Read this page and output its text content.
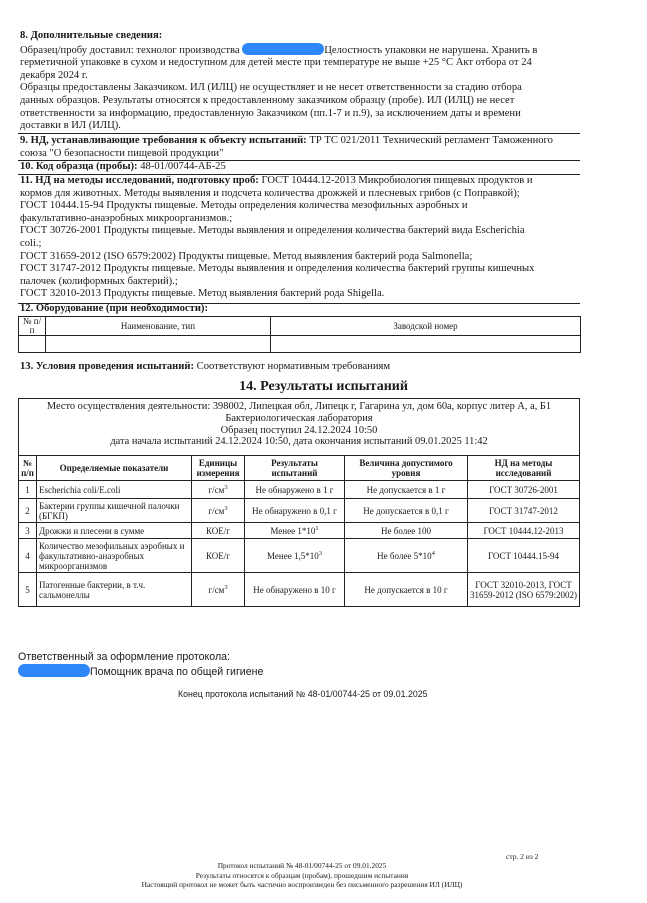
8. Дополнительные сведения:
Образец/пробу доставил: технолог производства	Целостность упаковки не нарушена. Хранить в
герметичной упаковке в сухом и недоступном для детей месте при температуре не выше +25 °С Акт отбора от 24
декабря 2024 г.
Образцы предоставлены Заказчиком. ИЛ (ИЛЦ) не осуществляет и не несет ответственности за стадию отбора
данных образцов. Результаты относятся к предоставленному заказчиком образцу (пробе). ИЛ (ИЛЦ) не несет
ответственности за информацию, предоставленную Заказчиком (пп.1-7 и п.9), за исключением даты и времени
доставки в ИЛ (ИЛЦ).
9. НД, устанавливающие требования к объекту испытаний: ТР ТС 021/2011 Технический регламент Таможенного
союза "О безопасности пищевой продукции"
10. Код образца (пробы): 48-01/00744-АБ-25
11. НД на методы исследований, подготовку проб: ГОСТ 10444.12-2013 Микробиология пищевых продуктов и
кормов для животных. Методы выявления и подсчета количества дрожжей и плесневых грибов (с Поправкой);
ГОСТ 10444.15-94 Продукты пищевые. Методы определения количества мезофильных аэробных и
факультативно-анаэробных микроорганизмов.;
ГОСТ 30726-2001 Продукты пищевые. Методы выявления и определения количества бактерий вида Escherichia
coli.;
ГОСТ 31659-2012 (ISO 6579:2002) Продукты пищевые. Метод выявления бактерий рода Salmonella;
ГОСТ 31747-2012 Продукты пищевые. Методы выявления и определения количества бактерий группы кишечных
палочек (колиформных бактерий).;
ГОСТ 32010-2013 Продукты пищевые. Метод выявления бактерий рода Shigella.
12. Оборудование (при необходимости):
№ п/п	Наименование, тип	Заводской номер

13. Условия проведения испытаний: Соответствуют нормативным требованиям
14. Результаты испытаний
Место осуществления деятельности: 398002, Липецкая обл, Липецк г, Гагарина ул, дом 60а, корпус литер А, а, Б1
Бактериологическая лаборатория
Образец поступил 24.12.2024 10:50
дата начала испытаний 24.12.2024 10:50, дата окончания испытаний 09.01.2025 11:42
№ п/п	Определяемые показатели	Единицы измерения	Результаты испытаний	Величина допустимого уровня	НД на методы исследований
1	Escherichia coli/E.coli	$г/см^3$	Не обнаружено в 1 г	Не допускается в 1 г	ГОСТ 30726-2001
2	Бактерии группы кишечной палочки (БГКП)	$г/см^3$	Не обнаружено в 0,1 г	Не допускается в 0,1 г	ГОСТ 31747-2012
3	Дрожжи и плесени в сумме	КОЕ/г	Менее $1*10^1$	Не более 100	ГОСТ 10444.12-2013
4	Количество мезофильных аэробных и факультативно-анаэробных микроорганизмов	КОЕ/г	Менее $1,5*10^3$	Не более $5*10^4$	ГОСТ 10444.15-94
5	Патогенные бактерии, в т.ч. сальмонеллы	$г/см^3$	Не обнаружено в 10 г	Не допускается в 10 г	ГОСТ 32010-2013, ГОСТ 31659-2012 (ISO 6579:2002)
Ответственный за оформление протокола:
Помощник врача по общей гигиене
Конец протокола испытаний № 48-01/00744-25 от 09.01.2025
стр. 2 из 2
Протокол испытаний № 48-01/00744-25 от 09.01.2025
Результаты относятся к образцам (пробам), прошедшим испытания
Настоящий протокол не может быть частично воспроизведен без письменного разрешения ИЛ (ИЛЦ)
